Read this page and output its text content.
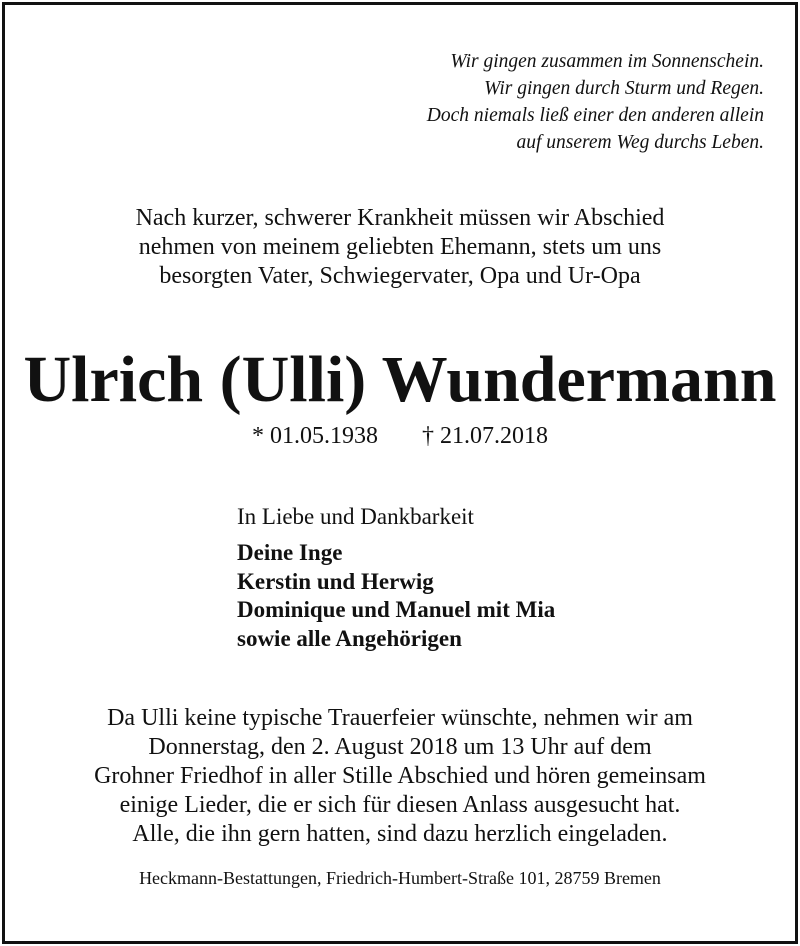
Wir gingen zusammen im Sonnenschein.
Wir gingen durch Sturm und Regen.
Doch niemals ließ einer den anderen allein
auf unserem Weg durchs Leben.
Nach kurzer, schwerer Krankheit müssen wir Abschied
nehmen von meinem geliebten Ehemann, stets um uns
besorgten Vater, Schwiegervater, Opa und Ur-Opa
Ulrich (Ulli) Wundermann
* 01.05.1938 † 21.07.2018
In Liebe und Dankbarkeit
Deine Inge
Kerstin und Herwig
Dominique und Manuel mit Mia
sowie alle Angehörigen
Da Ulli keine typische Trauerfeier wünschte, nehmen wir am
Donnerstag, den 2. August 2018 um 13 Uhr auf dem
Grohner Friedhof in aller Stille Abschied und hören gemeinsam
einige Lieder, die er sich für diesen Anlass ausgesucht hat.
Alle, die ihn gern hatten, sind dazu herzlich eingeladen.
Heckmann-Bestattungen, Friedrich-Humbert-Straße 101, 28759 Bremen
